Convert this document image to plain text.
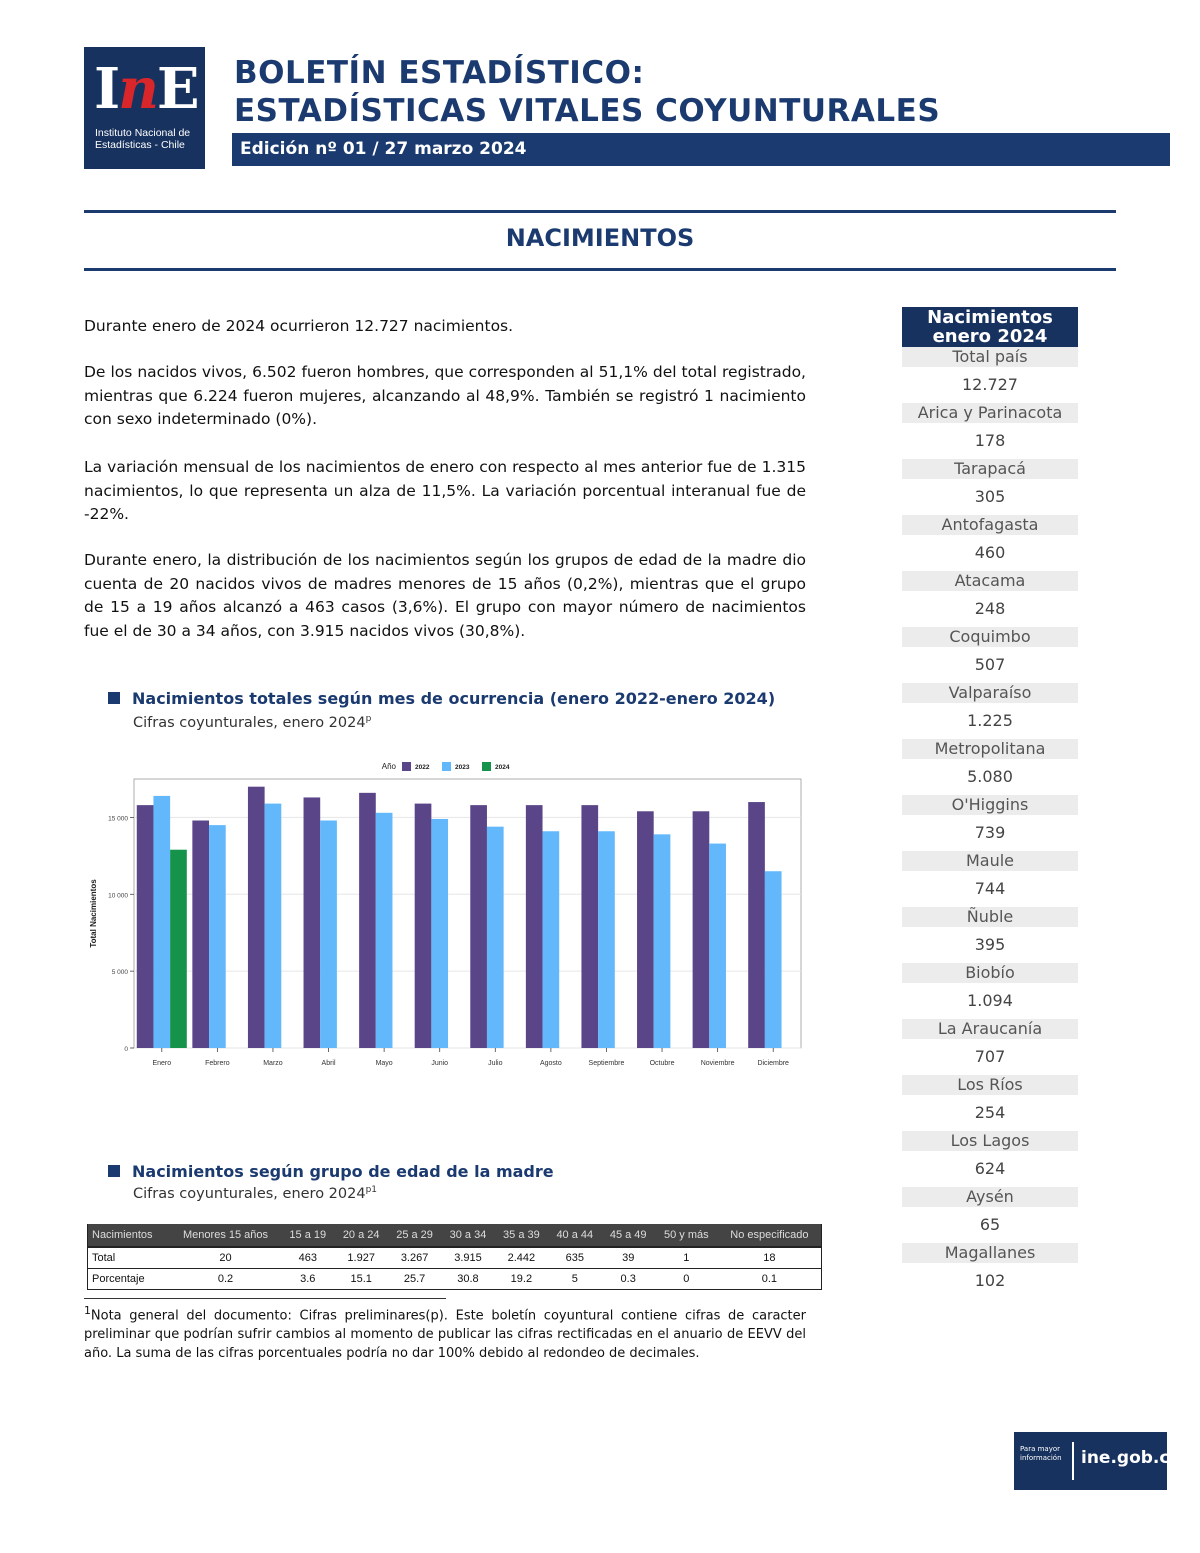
InE
Instituto Nacional de Estadísticas - Chile
BOLETÍN ESTADÍSTICO:
ESTADÍSTICAS VITALES COYUNTURALES
Edición nº 01 / 27 marzo 2024
NACIMIENTOS
Durante enero de 2024 ocurrieron 12.727 nacimientos.
De los nacidos vivos, 6.502 fueron hombres, que corresponden al 51,1% del total registrado, mientras que 6.224 fueron mujeres, alcanzando al 48,9%. También se registró 1 nacimiento con sexo indeterminado (0%).
La variación mensual de los nacimientos de enero con respecto al mes anterior fue de 1.315 nacimientos, lo que representa un alza de 11,5%. La variación porcentual interanual fue de -22%.
Durante enero, la distribución de los nacimientos según los grupos de edad de la madre dio cuenta de 20 nacidos vivos de madres menores de 15 años (0,2%), mientras que el grupo de 15 a 19 años alcanzó a 463 casos (3,6%). El grupo con mayor número de nacimientos fue el de 30 a 34 años, con 3.915 nacidos vivos (30,8%).
Nacimientos
enero 2024
Total país
12.727
Arica y Parinacota
178
Tarapacá
305
Antofagasta
460
Atacama
248
Coquimbo
507
Valparaíso
1.225
Metropolitana
5.080
O'Higgins
739
Maule
744
Ñuble
395
Biobío
1.094
La Araucanía
707
Los Ríos
254
Los Lagos
624
Aysén
65
Magallanes
102
Nacimientos totales según mes de ocurrencia (enero 2022-enero 2024)
Cifras coyunturales, enero 2024$^p$
0
5 000
10 000
15 000
Total Nacimientos
Enero	Febrero	Marzo	Abril	Mayo	Junio	Julio	Agosto	Septiembre	Octubre	Noviembre	Diciembre
Año	2022	2023	2024
Nacimientos según grupo de edad de la madre
Cifras coyunturales, enero $2024^{p1}$
Nacimientos	Menores 15 años	15 a 19	20 a 24	25 a 29	30 a 34	35 a 39	40 a 44	45 a 49	50 y más	No especificado
Total	20	463	1.927	3.267	3.915	2.442	635	39	1	18
Porcentaje	0.2	3.6	15.1	25.7	30.8	19.2	5	0.3	0	0.1
$^1$Nota general del documento: Cifras preliminares(p). Este boletín coyuntural contiene cifras de caracter preliminar que podrían sufrir cambios al momento de publicar las cifras rectificadas en el anuario de EEVV del año. La suma de las cifras porcentuales podría no dar 100% debido al redondeo de decimales.
Para mayor información	ine.gob.cl
